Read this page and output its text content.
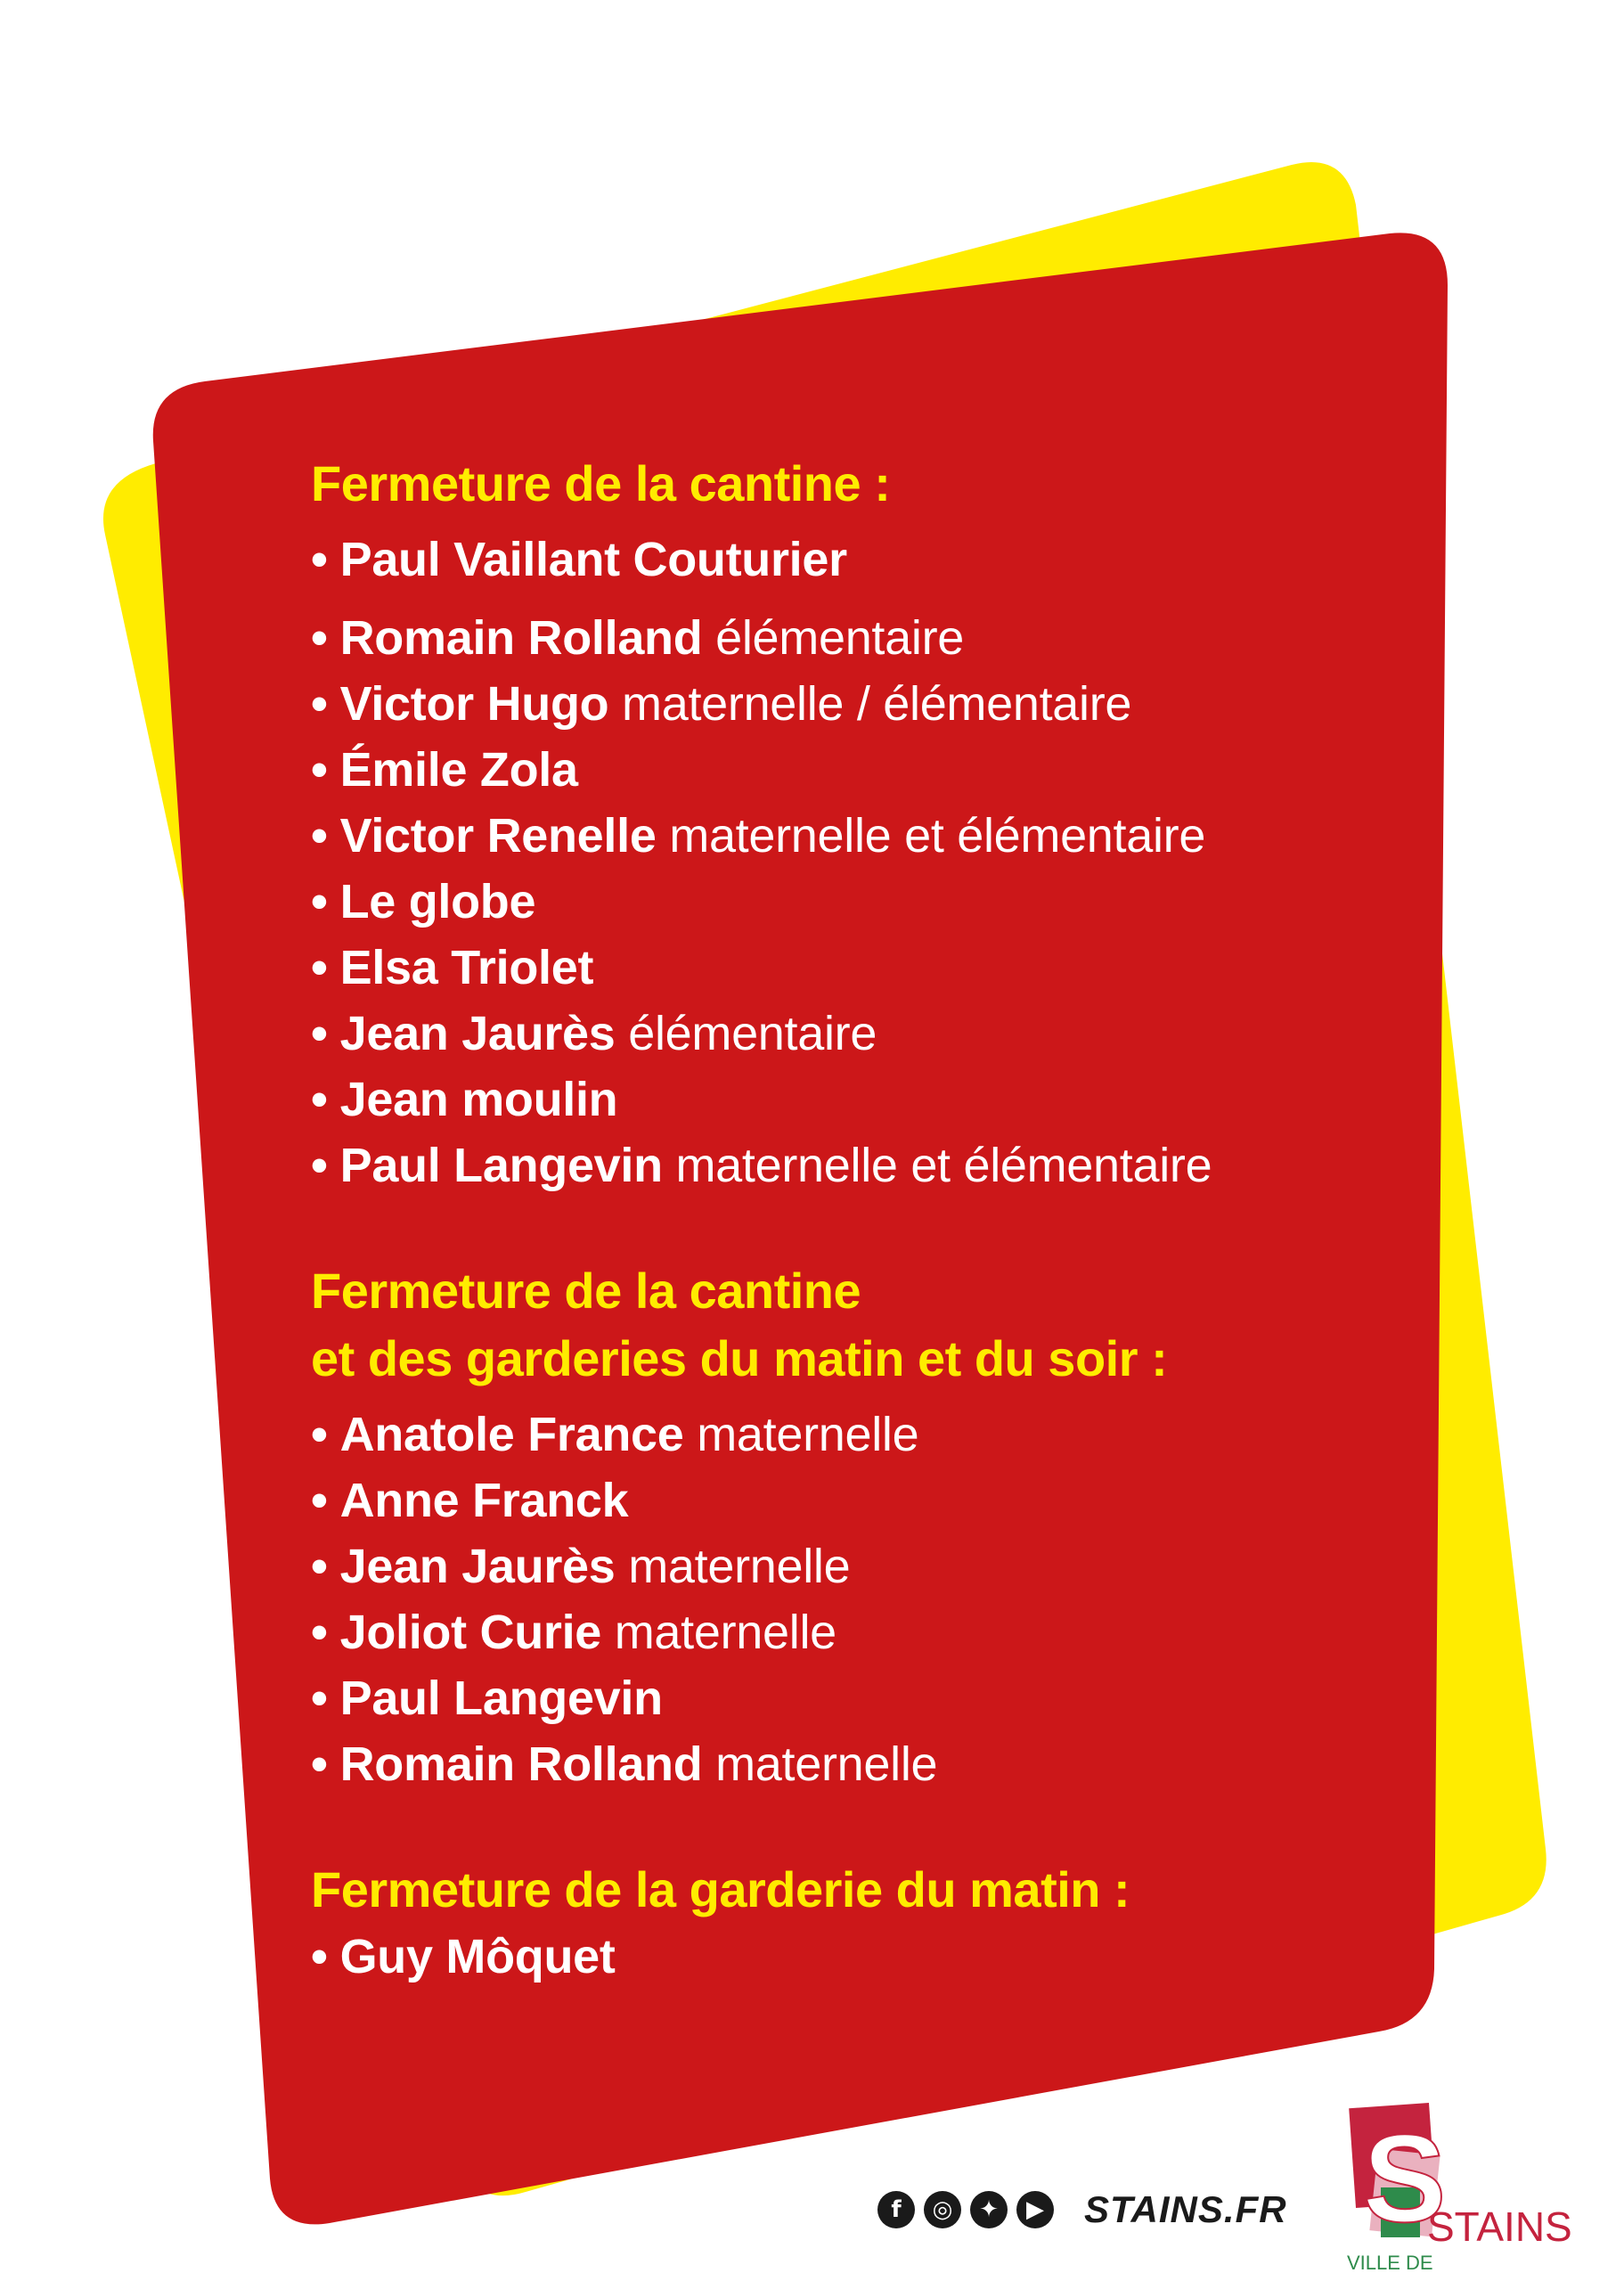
Fermeture de la cantine :
• Paul Vaillant Couturier
• Romain Rolland élémentaire
• Victor Hugo maternelle / élémentaire
• Émile Zola
• Victor Renelle maternelle et élémentaire
• Le globe
• Elsa Triolet
• Jean Jaurès élémentaire
• Jean moulin
• Paul Langevin maternelle et élémentaire
Fermeture de la cantine
et des garderies du matin et du soir :
• Anatole France maternelle
• Anne Franck
• Jean Jaurès maternelle
• Joliot Curie maternelle
• Paul Langevin
• Romain Rolland maternelle
Fermeture de la garderie du matin :
• Guy Môquet
f	◎	✦	▶ STAINS.FR S
VILLE DE
STAINS
